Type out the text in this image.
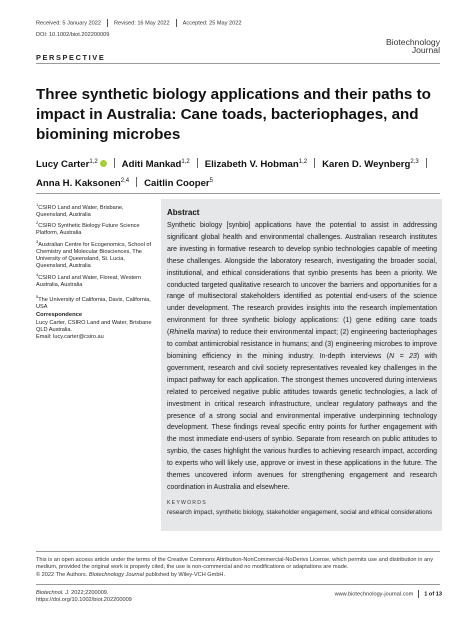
Received: 5 January 2022 Revised: 16 May 2022 Accepted: 25 May 2022
DOI: 10.1002/biot.202200009
Biotechnology
Journal
PERSPECTIVE
Three synthetic biology applications and their paths to impact in Australia: Cane toads, bacteriophages, and biomining microbes
Lucy Carter$^{1,2}$iD	Aditi Mankad$^{1,2}$ Elizabeth V. Hobman$^{1,2}$ Karen D. Weynberg$^{2,3}$
Anna H. Kaksonen$^{2,4}$ Caitlin Cooper$^5$
$^1$CSIRO Land and Water, Brisbane, Queensland, Australia
$^2$CSIRO Synthetic Biology Future Science Platform, Australia
$^3$Australian Centre for Ecogenomics, School of Chemistry and Molecular Biosciences, The University of Queensland, St. Lucia, Queensland, Australia
$^4$CSIRO Land and Water, Floreat, Western Australia, Australia
$^5$The University of California, Davis, California, USA
Correspondence
Lucy Carter, CSIRO Land and Water, Brisbane QLD Australia.
Email: lucy.carter@csiro.au
Abstract
Synthetic biology [synbio] applications have the potential to assist in addressing significant global health and environmental challenges. Australian research institutes are investing in formative research to develop synbio technologies capable of meeting these challenges. Alongside the laboratory research, investigating the broader social, institutional, and ethical considerations that synbio presents has been a priority. We conducted targeted qualitative research to uncover the barriers and opportunities for a range of multisectoral stakeholders identified as potential end-users of the science under development. The research provides insights into the research implementation environment for three synthetic biology applications: (1) gene editing cane toads (Rhinella marina) to reduce their environmental impact; (2) engineering bacteriophages to combat antimicrobial resistance in humans; and (3) engineering microbes to improve biomining efficiency in the mining industry. In-depth interviews (N = 23) with government, research and civil society representatives revealed key challenges in the impact pathway for each application. The strongest themes uncovered during interviews related to perceived negative public attitudes towards genetic technologies, a lack of investment in critical research infrastructure, unclear regulatory pathways and the presence of a strong social and environmental imperative underpinning technology development. These findings reveal specific entry points for further engagement with the most immediate end-users of synbio. Separate from research on public attitudes to synbio, the cases highlight the various hurdles to achieving research impact, according to experts who will likely use, approve or invest in these applications in the future. The themes uncovered inform avenues for strengthening engagement and research coordination in Australia and elsewhere.
KEYWORDS
research impact, synthetic biology, stakeholder engagement, social and ethical considerations
This is an open access article under the terms of the Creative Commons Attribution-NonCommercial-NoDerivs License, which permits use and distribution in any medium, provided the original work is properly cited, the use is non-commercial and no modifications or adaptations are made.
© 2022 The Authors. Biotechnology Journal published by Wiley-VCH GmbH.
Biotechnol. J. 2022;2200009.
https://doi.org/10.1002/biot.202200009
www.biotechnology-journal.com 1 of 13
